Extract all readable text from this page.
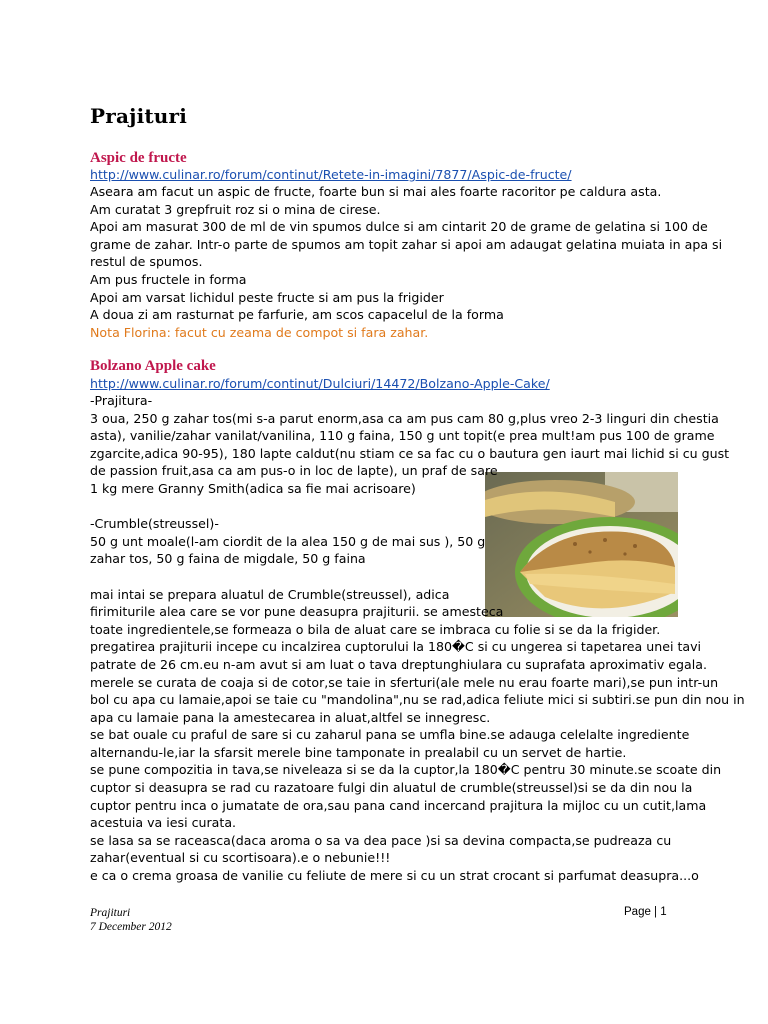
Prajituri
Aspic de fructe
http://www.culinar.ro/forum/continut/Retete-in-imagini/7877/Aspic-de-fructe/
Aseara am facut un aspic de fructe, foarte bun si mai ales foarte racoritor pe caldura asta.
Am curatat 3 grepfruit roz si o mina de cirese.
Apoi am masurat 300 de ml de vin spumos dulce si am cintarit 20 de grame de gelatina si 100 de
grame de zahar. Intr-o parte de spumos am topit zahar si apoi am adaugat gelatina muiata in apa si
restul de spumos.
Am pus fructele in forma
Apoi am varsat lichidul peste fructe si am pus la frigider
A doua zi am rasturnat pe farfurie, am scos capacelul de la forma
Nota Florina: facut cu zeama de compot si fara zahar.
Bolzano Apple cake
http://www.culinar.ro/forum/continut/Dulciuri/14472/Bolzano-Apple-Cake/
-Prajitura-
3 oua, 250 g zahar tos(mi s-a parut enorm,asa ca am pus cam 80 g,plus vreo 2-3 linguri din chestia
asta), vanilie/zahar vanilat/vanilina, 110 g faina, 150 g unt topit(e prea mult!am pus 100 de grame
zgarcite,adica 90-95), 180 lapte caldut(nu stiam ce sa fac cu o bautura gen iaurt mai lichid si cu gust
de passion fruit,asa ca am pus-o in loc de lapte), un praf de sare
1 kg mere Granny Smith(adica sa fie mai acrisoare)

-Crumble(streussel)-
50 g unt moale(l-am ciordit de la alea 150 g de mai sus ), 50 g
zahar tos, 50 g faina de migdale, 50 g faina

mai intai se prepara aluatul de Crumble(streussel), adica
firimiturile alea care se vor pune deasupra prajiturii. se amesteca
toate ingredientele,se formeaza o bila de aluat care se imbraca cu folie si se da la frigider.
pregatirea prajiturii incepe cu incalzirea cuptorului la 180�C si cu ungerea si tapetarea unei tavi
patrate de 26 cm.eu n-am avut si am luat o tava dreptunghiulara cu suprafata aproximativ egala.
merele se curata de coaja si de cotor,se taie in sferturi(ale mele nu erau foarte mari),se pun intr-un
bol cu apa cu lamaie,apoi se taie cu "mandolina",nu se rad,adica feliute mici si subtiri.se pun din nou in
apa cu lamaie pana la amestecarea in aluat,altfel se innegresc.
se bat ouale cu praful de sare si cu zaharul pana se umfla bine.se adauga celelalte ingrediente
alternandu-le,iar la sfarsit merele bine tamponate in prealabil cu un servet de hartie.
se pune compozitia in tava,se niveleaza si se da la cuptor,la 180�C pentru 30 minute.se scoate din
cuptor si deasupra se rad cu razatoare fulgi din aluatul de crumble(streussel)si se da din nou la
cuptor pentru inca o jumatate de ora,sau pana cand incercand prajitura la mijloc cu un cutit,lama
acestuia va iesi curata.
se lasa sa se raceasca(daca aroma o sa va dea pace )si sa devina compacta,se pudreaza cu
zahar(eventual si cu scortisoara).e o nebunie!!!
e ca o crema groasa de vanilie cu feliute de mere si cu un strat crocant si parfumat deasupra...o
Prajituri
7 December 2012
Page | 1
